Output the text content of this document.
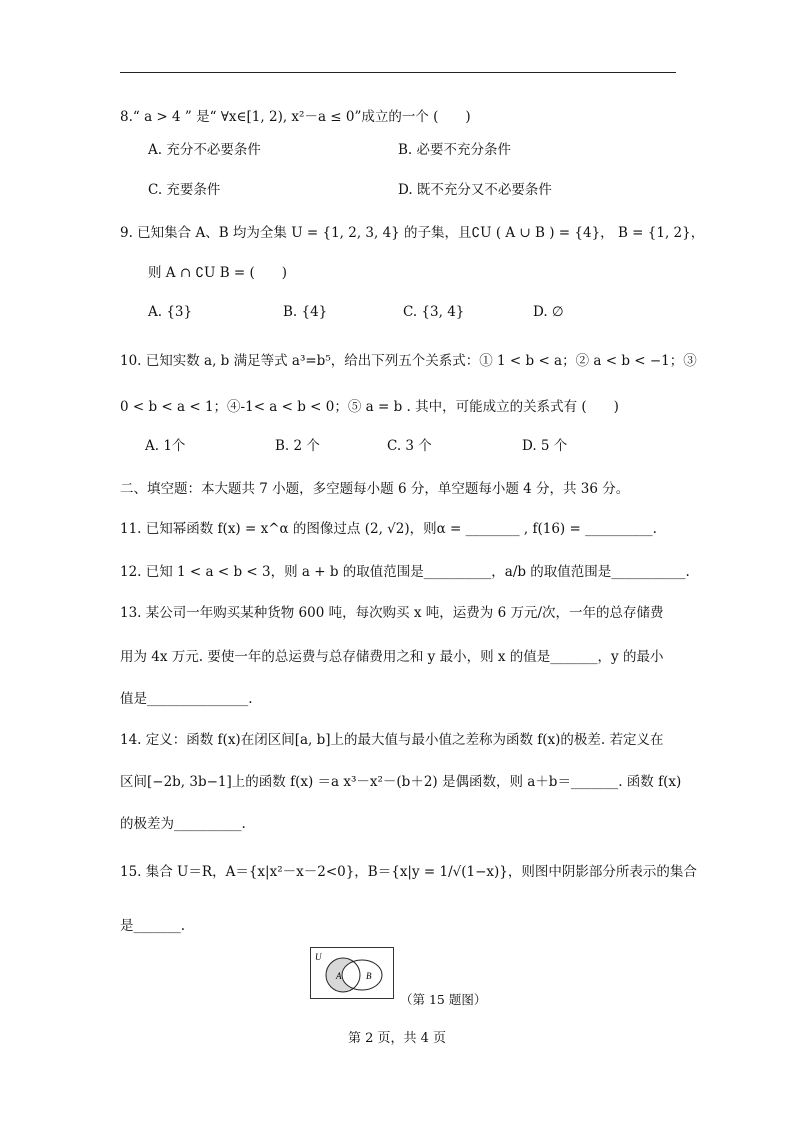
8.“ a > 4 ” 是“ ∀x∈[1, 2), x²－a ≤ 0”成立的一个 (　　)
A. 充分不必要条件	B. 必要不充分条件
C. 充要条件	D. 既不充分又不必要条件
9. 已知集合 A、B 均为全集 U = {1, 2, 3, 4} 的子集，且∁U ( A ∪ B ) = {4}， B = {1, 2}，
则 A ∩ ∁U B = (　　)
A. {3}	B. {4}	C. {3, 4}	D. ∅
10. 已知实数 a, b 满足等式 a³=b⁵，给出下列五个关系式：① 1 < b < a；② a < b < −1；③
0 < b < a < 1；④-1< a < b < 0；⑤ a = b . 其中，可能成立的关系式有 (　　)
A. 1个	B. 2 个	C. 3 个	D. 5 个
二、填空题：本大题共 7 小题，多空题每小题 6 分，单空题每小题 4 分，共 36 分。
11. 已知幂函数 f(x) = x^α 的图像过点 (2, √2)，则α = ________ , f(16) = __________.
12. 已知 1 < a < b < 3，则 a + b 的取值范围是__________，a/b 的取值范围是___________.
13. 某公司一年购买某种货物 600 吨，每次购买 x 吨，运费为 6 万元/次，一年的总存储费
用为 4x 万元. 要使一年的总运费与总存储费用之和 y 最小，则 x 的值是_______，y 的最小
值是_______________.
14. 定义：函数 f(x)在闭区间[a, b]上的最大值与最小值之差称为函数 f(x)的极差. 若定义在
区间[−2b, 3b−1]上的函数 f(x) ＝a x³－x²－(b＋2) 是偶函数，则 a＋b＝_______. 函数 f(x)
的极差为__________.
15. 集合 U＝R，A＝{x|x²－x－2<0}，B＝{x|y = 1/√(1−x)}，则图中阴影部分所表示的集合
是_______.
U
A	B
（第 15 题图）
第 2 页，共 4 页
